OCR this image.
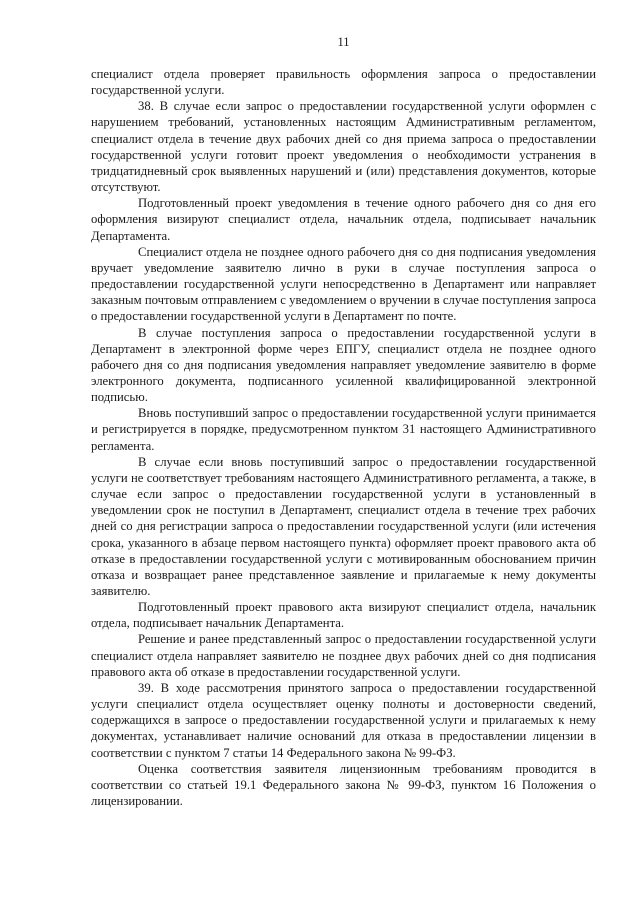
11

специалист отдела проверяет правильность оформления запроса о предоставлении государственной услуги.

38. В случае если запрос о предоставлении государственной услуги оформлен с нарушением требований, установленных настоящим Административным регламентом, специалист отдела в течение двух рабочих дней со дня приема запроса о предоставлении государственной услуги готовит проект уведомления о необходимости устранения в тридцатидневный срок выявленных нарушений и (или) представления документов, которые отсутствуют.

Подготовленный проект уведомления в течение одного рабочего дня со дня его оформления визируют специалист отдела, начальник отдела, подписывает начальник Департамента.

Специалист отдела не позднее одного рабочего дня со дня подписания уведомления вручает уведомление заявителю лично в руки в случае поступления запроса о предоставлении государственной услуги непосредственно в Департамент или направляет заказным почтовым отправлением с уведомлением о вручении в случае поступления запроса о предоставлении государственной услуги в Департамент по почте.

В случае поступления запроса о предоставлении государственной услуги в Департамент в электронной форме через ЕПГУ, специалист отдела не позднее одного рабочего дня со дня подписания уведомления направляет уведомление заявителю в форме электронного документа, подписанного усиленной квалифицированной электронной подписью.

Вновь поступивший запрос о предоставлении государственной услуги принимается и регистрируется в порядке, предусмотренном пунктом 31 настоящего Административного регламента.

В случае если вновь поступивший запрос о предоставлении государственной услуги не соответствует требованиям настоящего Административного регламента, а также, в случае если запрос о предоставлении государственной услуги в установленный в уведомлении срок не поступил в Департамент, специалист отдела в течение трех рабочих дней со дня регистрации запроса о предоставлении государственной услуги (или истечения срока, указанного в абзаце первом настоящего пункта) оформляет проект правового акта об отказе в предоставлении государственной услуги с мотивированным обоснованием причин отказа и возвращает ранее представленное заявление и прилагаемые к нему документы заявителю.

Подготовленный проект правового акта визируют специалист отдела, начальник отдела, подписывает начальник Департамента.

Решение и ранее представленный запрос о предоставлении государственной услуги специалист отдела направляет заявителю не позднее двух рабочих дней со дня подписания правового акта об отказе в предоставлении государственной услуги.

39. В ходе рассмотрения принятого запроса о предоставлении государственной услуги специалист отдела осуществляет оценку полноты и достоверности сведений, содержащихся в запросе о предоставлении государственной услуги и прилагаемых к нему документах, устанавливает наличие оснований для отказа в предоставлении лицензии в соответствии с пунктом 7 статьи 14 Федерального закона № 99-ФЗ.

Оценка соответствия заявителя лицензионным требованиям проводится в соответствии со статьей 19.1 Федерального закона № 99-ФЗ, пунктом 16 Положения о лицензировании.
